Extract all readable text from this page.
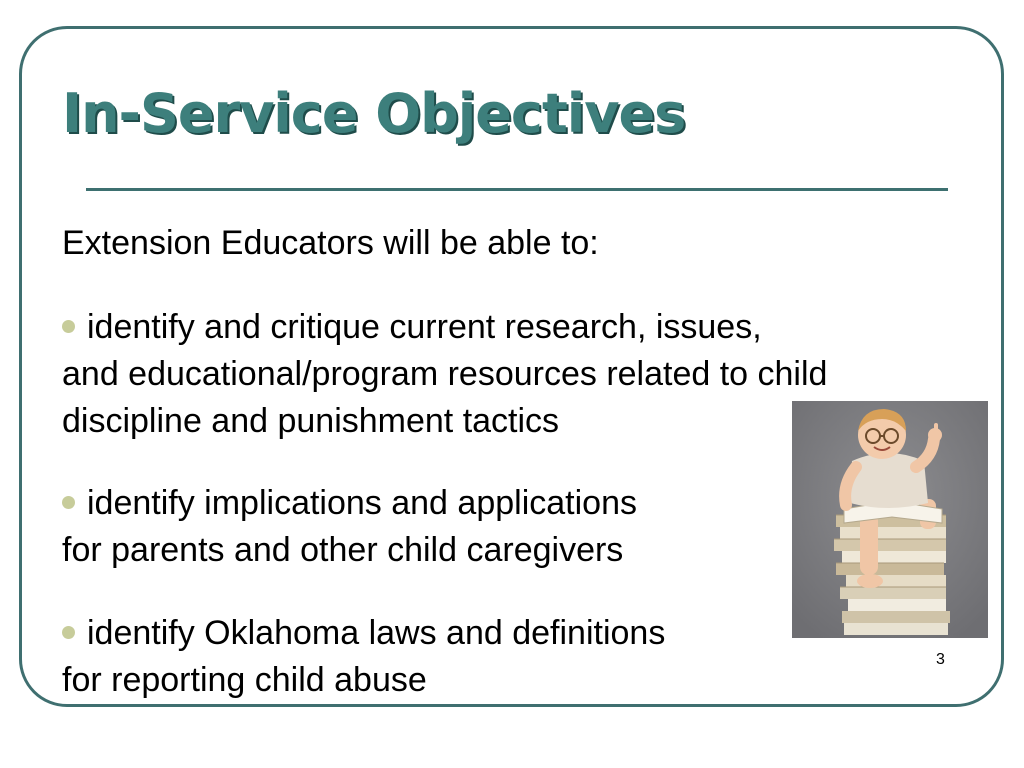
In-Service Objectives
Extension Educators will be able to:
identify and critique current research, issues,
and educational/program resources related to child
discipline and punishment tactics
identify implications and applications
for parents and other child caregivers
identify Oklahoma laws and definitions
for reporting child abuse
3
